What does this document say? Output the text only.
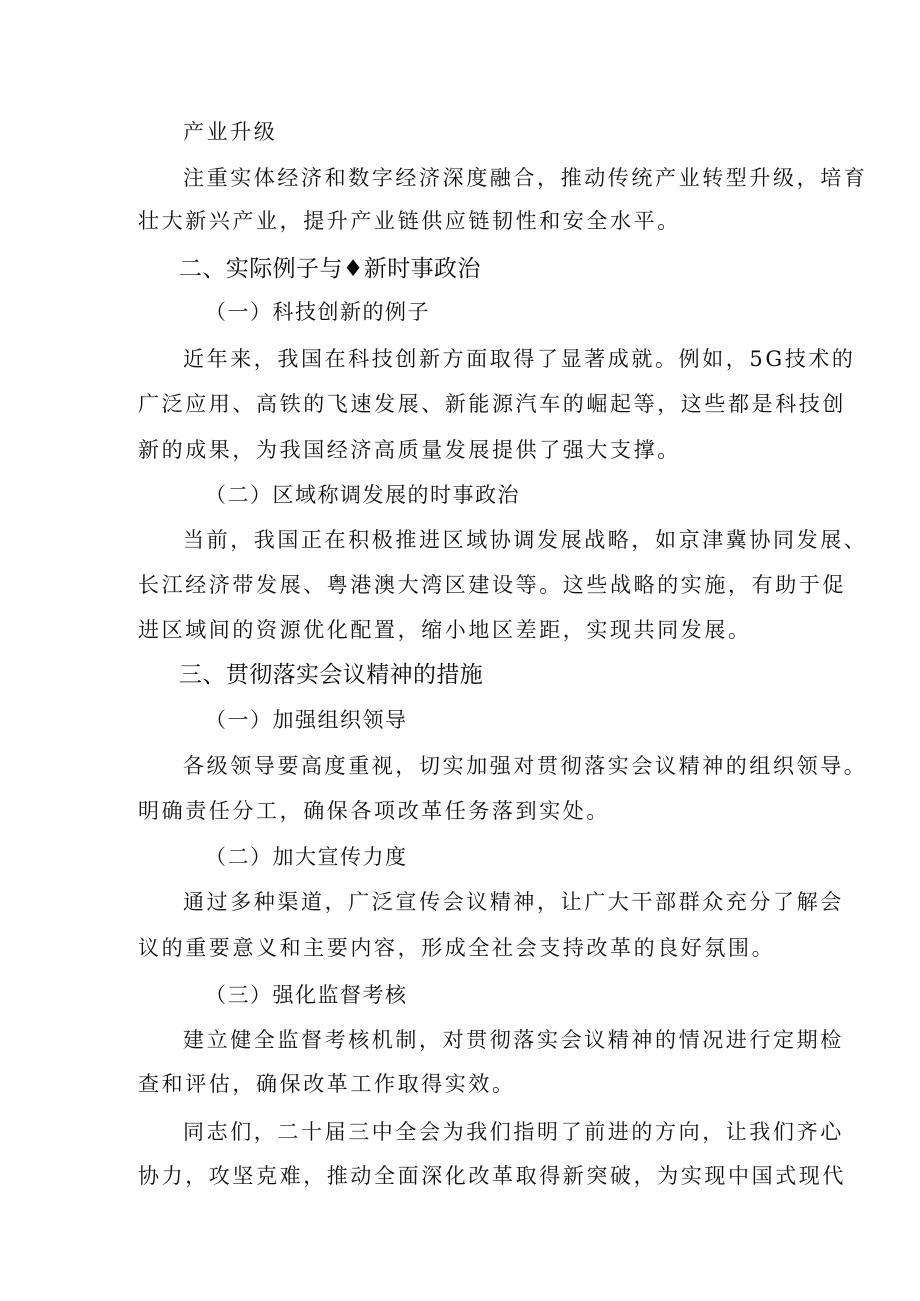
产业升级
注重实体经济和数字经济深度融合，推动传统产业转型升级，培育
壮大新兴产业，提升产业链供应链韧性和安全水平。
二、实际例子与♦新时事政治
（一）科技创新的例子
近年来，我国在科技创新方面取得了显著成就。例如，5G技术的
广泛应用、高铁的飞速发展、新能源汽车的崛起等，这些都是科技创
新的成果，为我国经济高质量发展提供了强大支撑。
（二）区域称调发展的时事政治
当前，我国正在积极推进区域协调发展战略，如京津冀协同发展、
长江经济带发展、粤港澳大湾区建设等。这些战略的实施，有助于促
进区域间的资源优化配置，缩小地区差距，实现共同发展。
三、贯彻落实会议精神的措施
（一）加强组织领导
各级领导要高度重视，切实加强对贯彻落实会议精神的组织领导。
明确责任分工，确保各项改革任务落到实处。
（二）加大宣传力度
通过多种渠道，广泛宣传会议精神，让广大干部群众充分了解会
议的重要意义和主要内容，形成全社会支持改革的良好氛围。
（三）强化监督考核
建立健全监督考核机制，对贯彻落实会议精神的情况进行定期检
查和评估，确保改革工作取得实效。
同志们，二十届三中全会为我们指明了前进的方向，让我们齐心
协力，攻坚克难，推动全面深化改革取得新突破，为实现中国式现代
